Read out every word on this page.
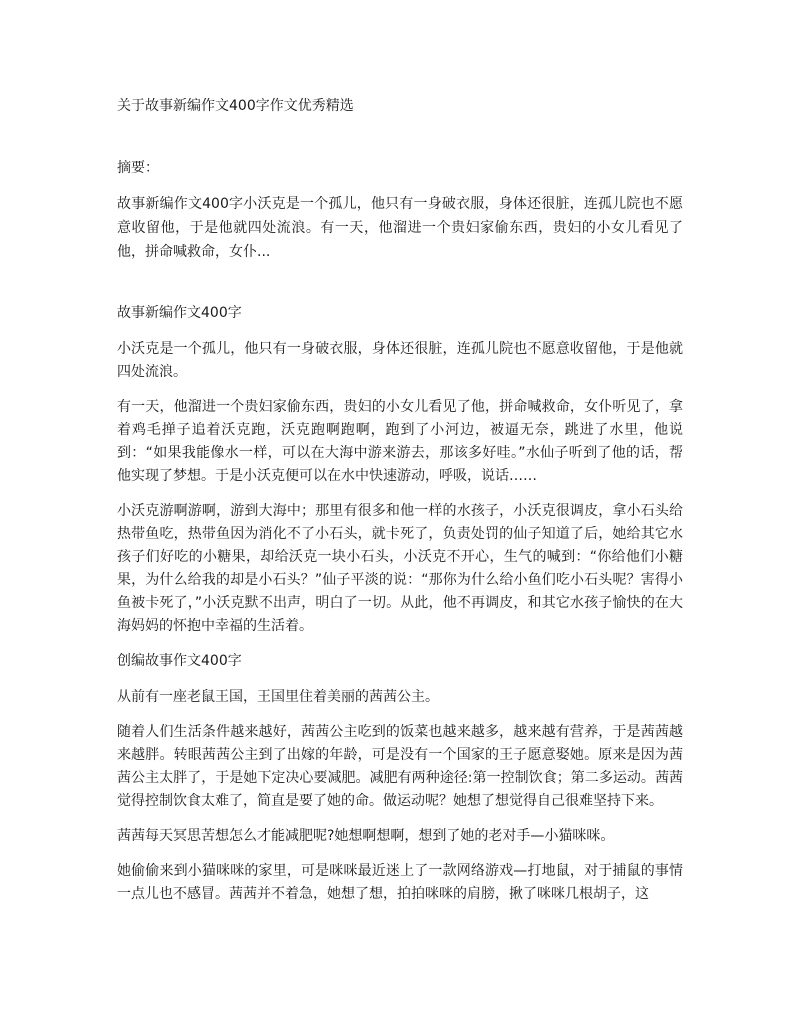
关于故事新编作文400字作文优秀精选
摘要：
故事新编作文400字小沃克是一个孤儿，他只有一身破衣服，身体还很脏，连孤儿院也不愿意收留他，于是他就四处流浪。有一天，他溜进一个贵妇家偷东西，贵妇的小女儿看见了他，拼命喊救命，女仆...
故事新编作文400字

小沃克是一个孤儿，他只有一身破衣服，身体还很脏，连孤儿院也不愿意收留他，于是他就四处流浪。

有一天，他溜进一个贵妇家偷东西，贵妇的小女儿看见了他，拼命喊救命，女仆听见了，拿着鸡毛掸子追着沃克跑，沃克跑啊跑啊，跑到了小河边，被逼无奈，跳进了水里，他说到：“如果我能像水一样，可以在大海中游来游去，那该多好哇。”水仙子听到了他的话，帮他实现了梦想。于是小沃克便可以在水中快速游动，呼吸，说话……

小沃克游啊游啊，游到大海中；那里有很多和他一样的水孩子，小沃克很调皮，拿小石头给热带鱼吃，热带鱼因为消化不了小石头，就卡死了，负责处罚的仙子知道了后，她给其它水孩子们好吃的小糖果，却给沃克一块小石头，小沃克不开心，生气的喊到：“你给他们小糖果，为什么给我的却是小石头？”仙子平淡的说：“那你为什么给小鱼们吃小石头呢？害得小鱼被卡死了，”小沃克默不出声，明白了一切。从此，他不再调皮，和其它水孩子愉快的在大海妈妈的怀抱中幸福的生活着。

创编故事作文400字

从前有一座老鼠王国，王国里住着美丽的茜茜公主。

随着人们生活条件越来越好，茜茜公主吃到的饭菜也越来越多，越来越有营养，于是茜茜越来越胖。转眼茜茜公主到了出嫁的年龄，可是没有一个国家的王子愿意娶她。原来是因为茜茜公主太胖了，于是她下定决心要减肥。减肥有两种途径:第一控制饮食；第二多运动。茜茜觉得控制饮食太难了，简直是要了她的命。做运动呢？她想了想觉得自己很难坚持下来。

茜茜每天冥思苦想怎么才能减肥呢?她想啊想啊，想到了她的老对手—小猫咪咪。

她偷偷来到小猫咪咪的家里，可是咪咪最近迷上了一款网络游戏—打地鼠，对于捕鼠的事情一点儿也不感冒。茜茜并不着急，她想了想，拍拍咪咪的肩膀，揪了咪咪几根胡子，这
